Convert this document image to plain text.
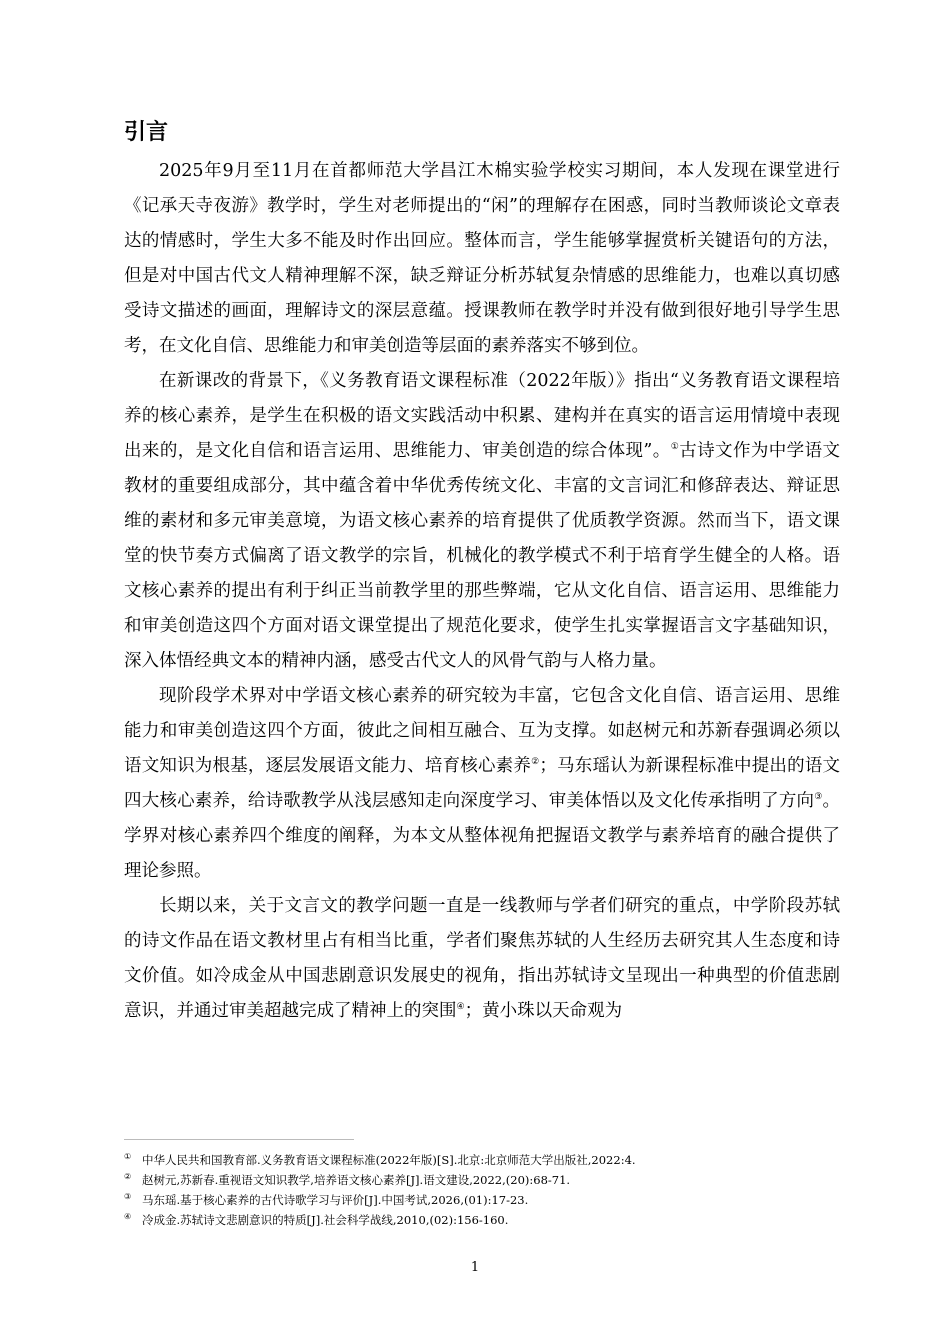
引言

2025年9月至11月在首都师范大学昌江木棉实验学校实习期间，本人发现在课堂进行《记承天寺夜游》教学时，学生对老师提出的“闲”的理解存在困惑，同时当教师谈论文章表达的情感时，学生大多不能及时作出回应。整体而言，学生能够掌握赏析关键语句的方法，但是对中国古代文人精神理解不深，缺乏辩证分析苏轼复杂情感的思维能力，也难以真切感受诗文描述的画面，理解诗文的深层意蕴。授课教师在教学时并没有做到很好地引导学生思考，在文化自信、思维能力和审美创造等层面的素养落实不够到位。

在新课改的背景下，《义务教育语文课程标准（2022年版）》指出“义务教育语文课程培养的核心素养，是学生在积极的语文实践活动中积累、建构并在真实的语言运用情境中表现出来的，是文化自信和语言运用、思维能力、审美创造的综合体现”。①古诗文作为中学语文教材的重要组成部分，其中蕴含着中华优秀传统文化、丰富的文言词汇和修辞表达、辩证思维的素材和多元审美意境，为语文核心素养的培育提供了优质教学资源。然而当下，语文课堂的快节奏方式偏离了语文教学的宗旨，机械化的教学模式不利于培育学生健全的人格。语文核心素养的提出有利于纠正当前教学里的那些弊端，它从文化自信、语言运用、思维能力和审美创造这四个方面对语文课堂提出了规范化要求，使学生扎实掌握语言文字基础知识，深入体悟经典文本的精神内涵，感受古代文人的风骨气韵与人格力量。

现阶段学术界对中学语文核心素养的研究较为丰富，它包含文化自信、语言运用、思维能力和审美创造这四个方面，彼此之间相互融合、互为支撑。如赵树元和苏新春强调必须以语文知识为根基，逐层发展语文能力、培育核心素养②；马东瑶认为新课程标准中提出的语文四大核心素养，给诗歌教学从浅层感知走向深度学习、审美体悟以及文化传承指明了方向③。学界对核心素养四个维度的阐释，为本文从整体视角把握语文教学与素养培育的融合提供了理论参照。

长期以来，关于文言文的教学问题一直是一线教师与学者们研究的重点，中学阶段苏轼的诗文作品在语文教材里占有相当比重，学者们聚焦苏轼的人生经历去研究其人生态度和诗文价值。如冷成金从中国悲剧意识发展史的视角，指出苏轼诗文呈现出一种典型的价值悲剧意识，并通过审美超越完成了精神上的突围④；黄小珠以天命观为

① 中华人民共和国教育部.义务教育语文课程标准(2022年版)[S].北京:北京师范大学出版社,2022:4.

② 赵树元,苏新春.重视语文知识教学,培养语文核心素养[J].语文建设,2022,(20):68-71.

③ 马东瑶.基于核心素养的古代诗歌学习与评价[J].中国考试,2026,(01):17-23.

④ 冷成金.苏轼诗文悲剧意识的特质[J].社会科学战线,2010,(02):156-160.

1
